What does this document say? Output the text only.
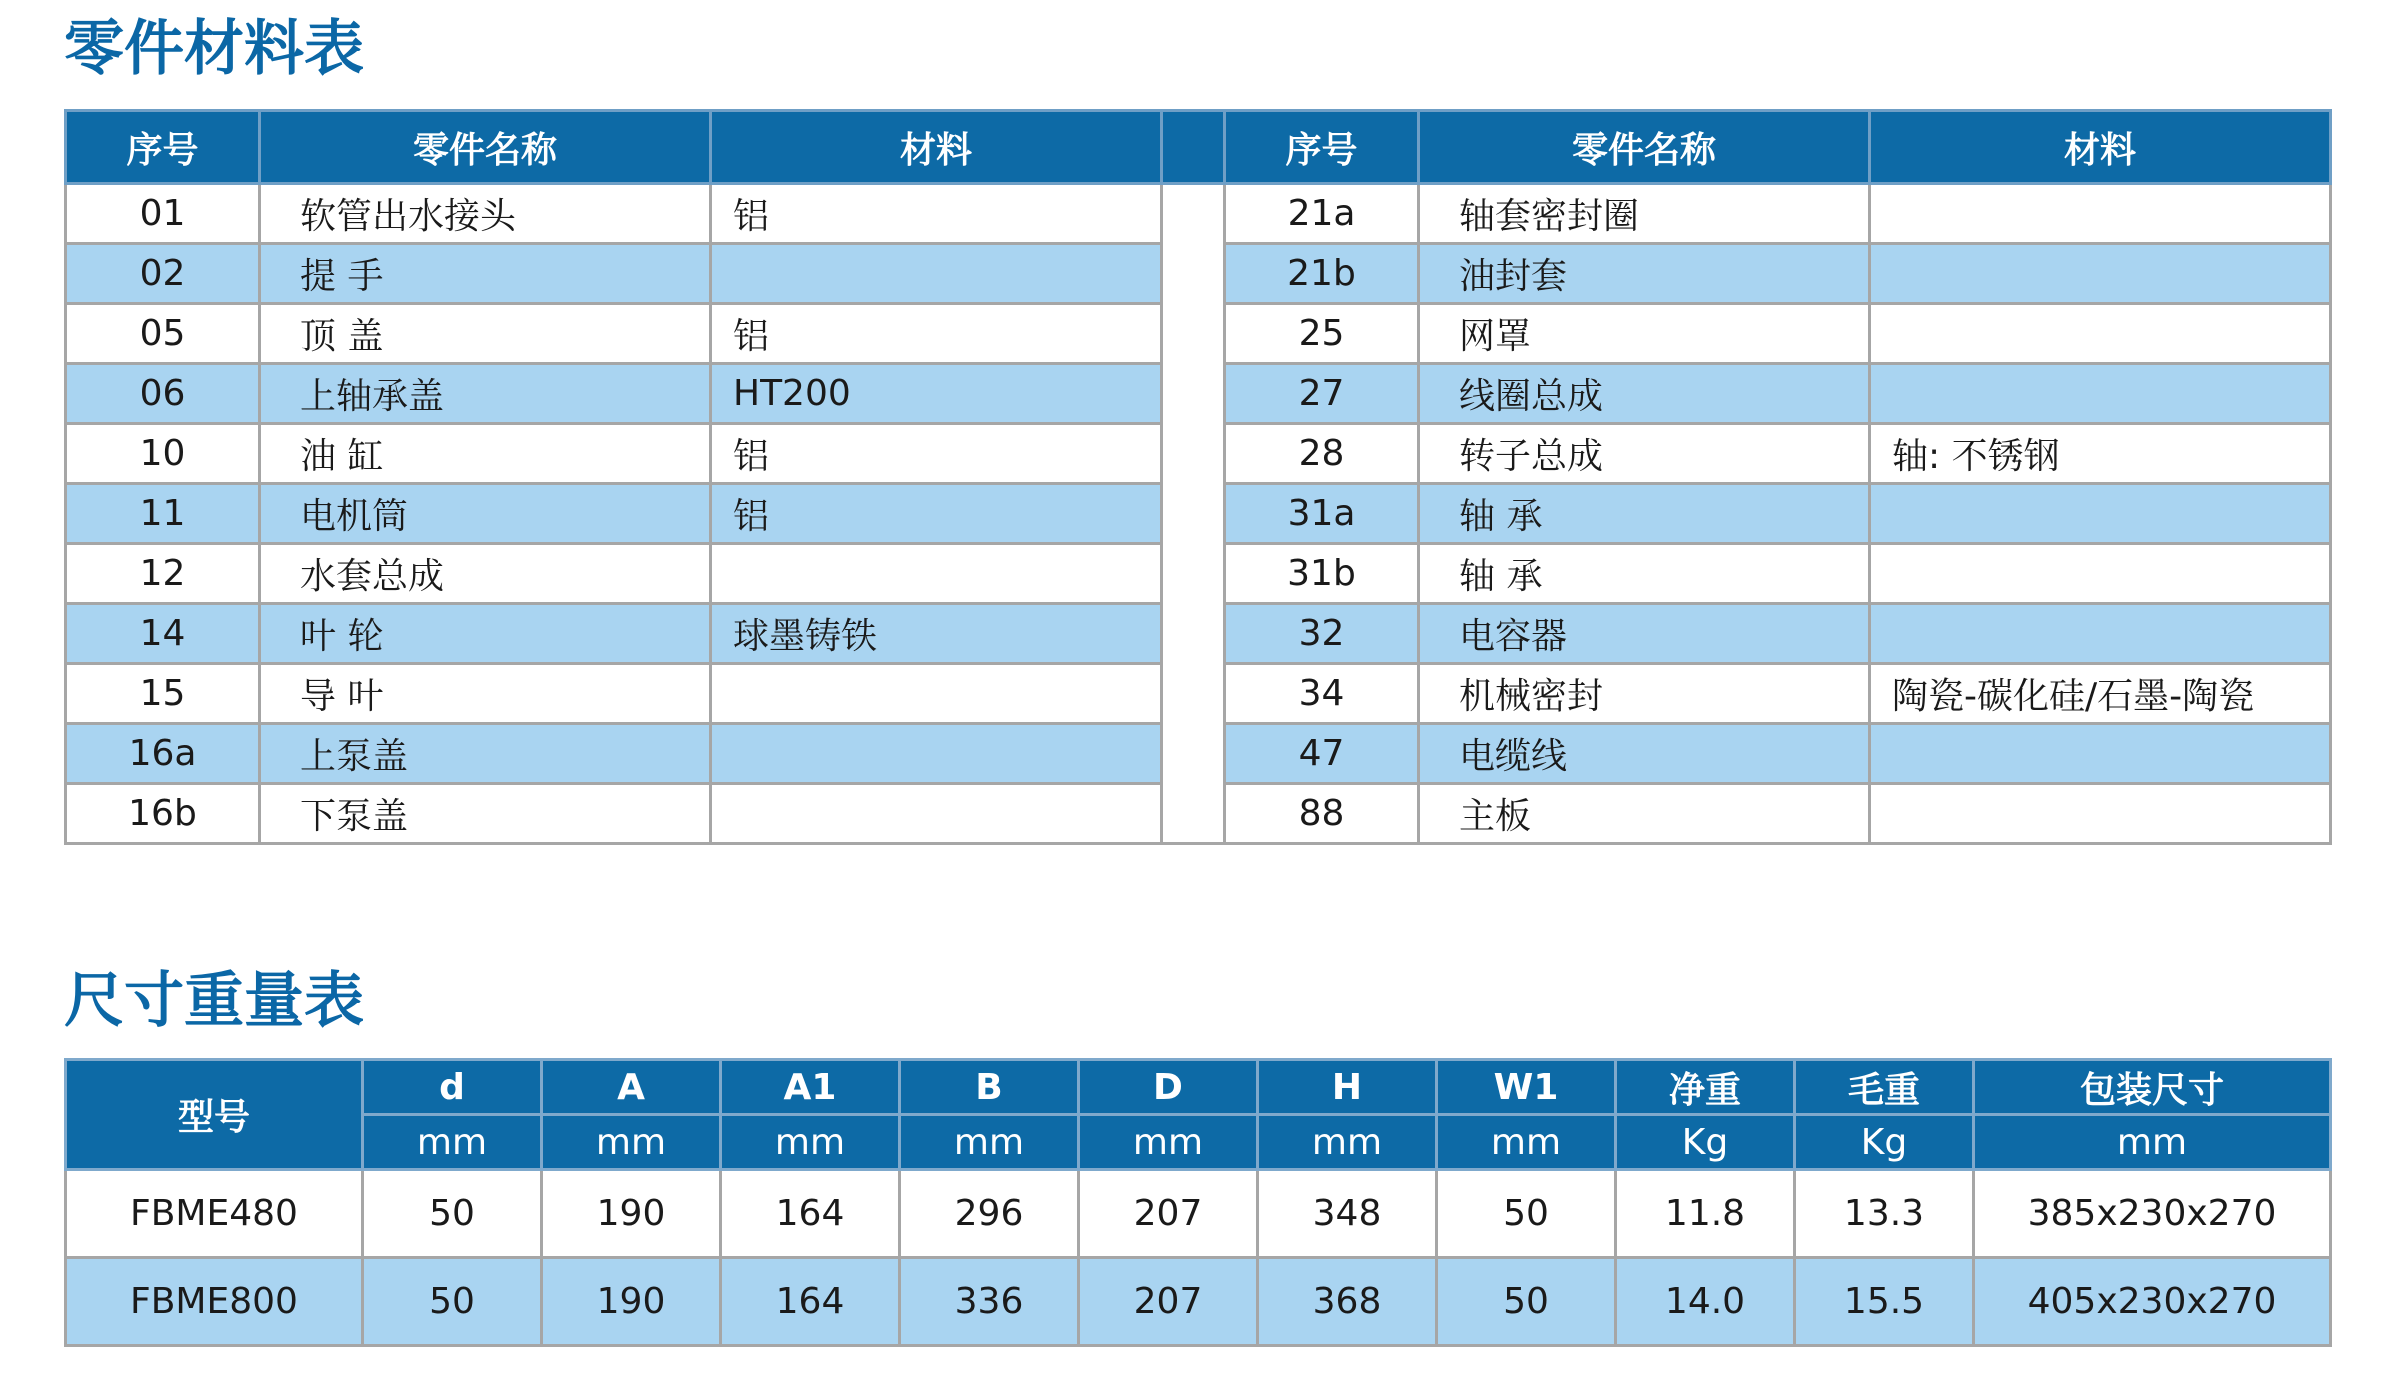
零件材料表
序号	零件名称	材料		序号	零件名称	材料
01	软管出水接头	铝		21a	轴套密封圈	
02	提 手			21b	油封套	
05	顶 盖	铝		25	网罩	
06	上轴承盖	HT200		27	线圈总成	
10	油 缸	铝		28	转子总成	轴: 不锈钢
11	电机筒	铝		31a	轴 承	
12	水套总成			31b	轴 承	
14	叶 轮	球墨铸铁		32	电容器	
15	导 叶			34	机械密封	陶瓷-碳化硅/石墨-陶瓷
16a	上泵盖			47	电缆线	
16b	下泵盖			88	主板	
尺寸重量表
型号	d	A	A1	B	D	H	W1	净重	毛重	包装尺寸
	mm	mm	mm	mm	mm	mm	mm	Kg	Kg	mm
FBME480	50	190	164	296	207	348	50	11.8	13.3	385x230x270
FBME800	50	190	164	336	207	368	50	14.0	15.5	405x230x270
